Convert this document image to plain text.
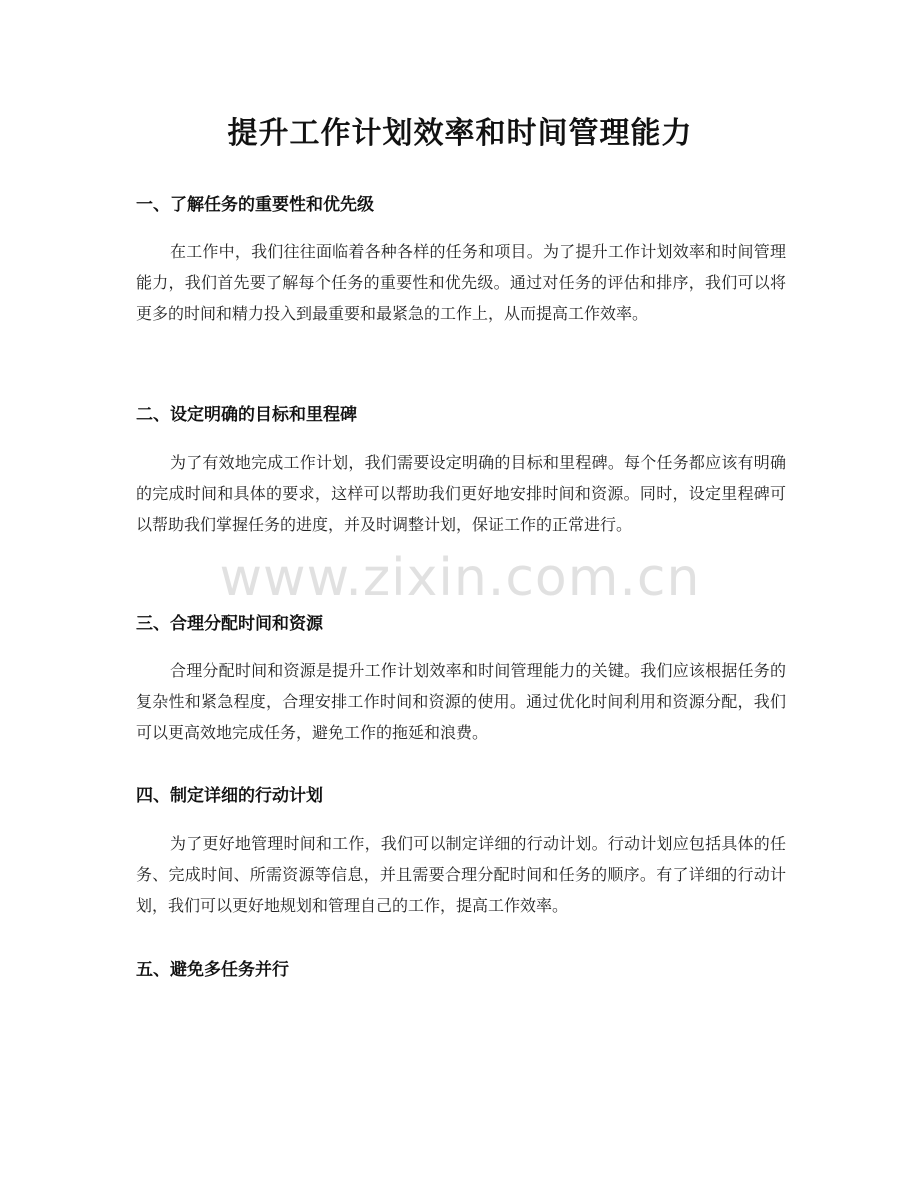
提升工作计划效率和时间管理能力
一、了解任务的重要性和优先级
在工作中，我们往往面临着各种各样的任务和项目。为了提升工作计划效率和时间管理能力，我们首先要了解每个任务的重要性和优先级。通过对任务的评估和排序，我们可以将更多的时间和精力投入到最重要和最紧急的工作上，从而提高工作效率。
二、设定明确的目标和里程碑
为了有效地完成工作计划，我们需要设定明确的目标和里程碑。每个任务都应该有明确的完成时间和具体的要求，这样可以帮助我们更好地安排时间和资源。同时，设定里程碑可以帮助我们掌握任务的进度，并及时调整计划，保证工作的正常进行。
三、合理分配时间和资源
合理分配时间和资源是提升工作计划效率和时间管理能力的关键。我们应该根据任务的复杂性和紧急程度，合理安排工作时间和资源的使用。通过优化时间利用和资源分配，我们可以更高效地完成任务，避免工作的拖延和浪费。
四、制定详细的行动计划
为了更好地管理时间和工作，我们可以制定详细的行动计划。行动计划应包括具体的任务、完成时间、所需资源等信息，并且需要合理分配时间和任务的顺序。有了详细的行动计划，我们可以更好地规划和管理自己的工作，提高工作效率。
五、避免多任务并行
www.zixin.com.cn
